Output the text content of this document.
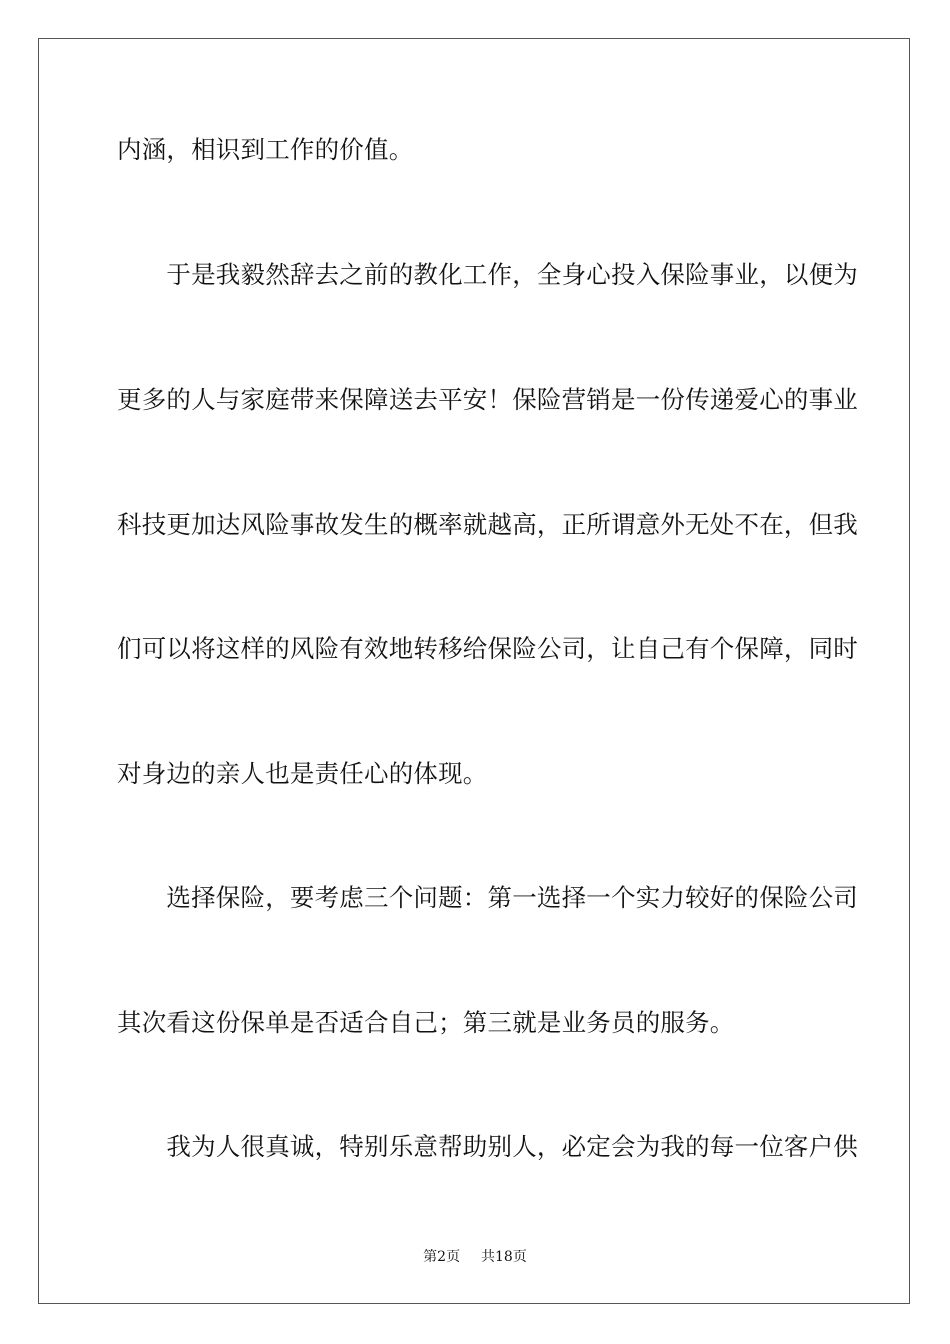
内涵，相识到工作的价值。
　　于是我毅然辞去之前的教化工作，全身心投入保险事业，以便为
更多的人与家庭带来保障送去平安！保险营销是一份传递爱心的事业
科技更加达风险事故发生的概率就越高，正所谓意外无处不在，但我
们可以将这样的风险有效地转移给保险公司，让自己有个保障，同时
对身边的亲人也是责任心的体现。
　　选择保险，要考虑三个问题：第一选择一个实力较好的保险公司
其次看这份保单是否适合自己；第三就是业务员的服务。
　　我为人很真诚，特别乐意帮助别人，必定会为我的每一位客户供
第2页 共18页
